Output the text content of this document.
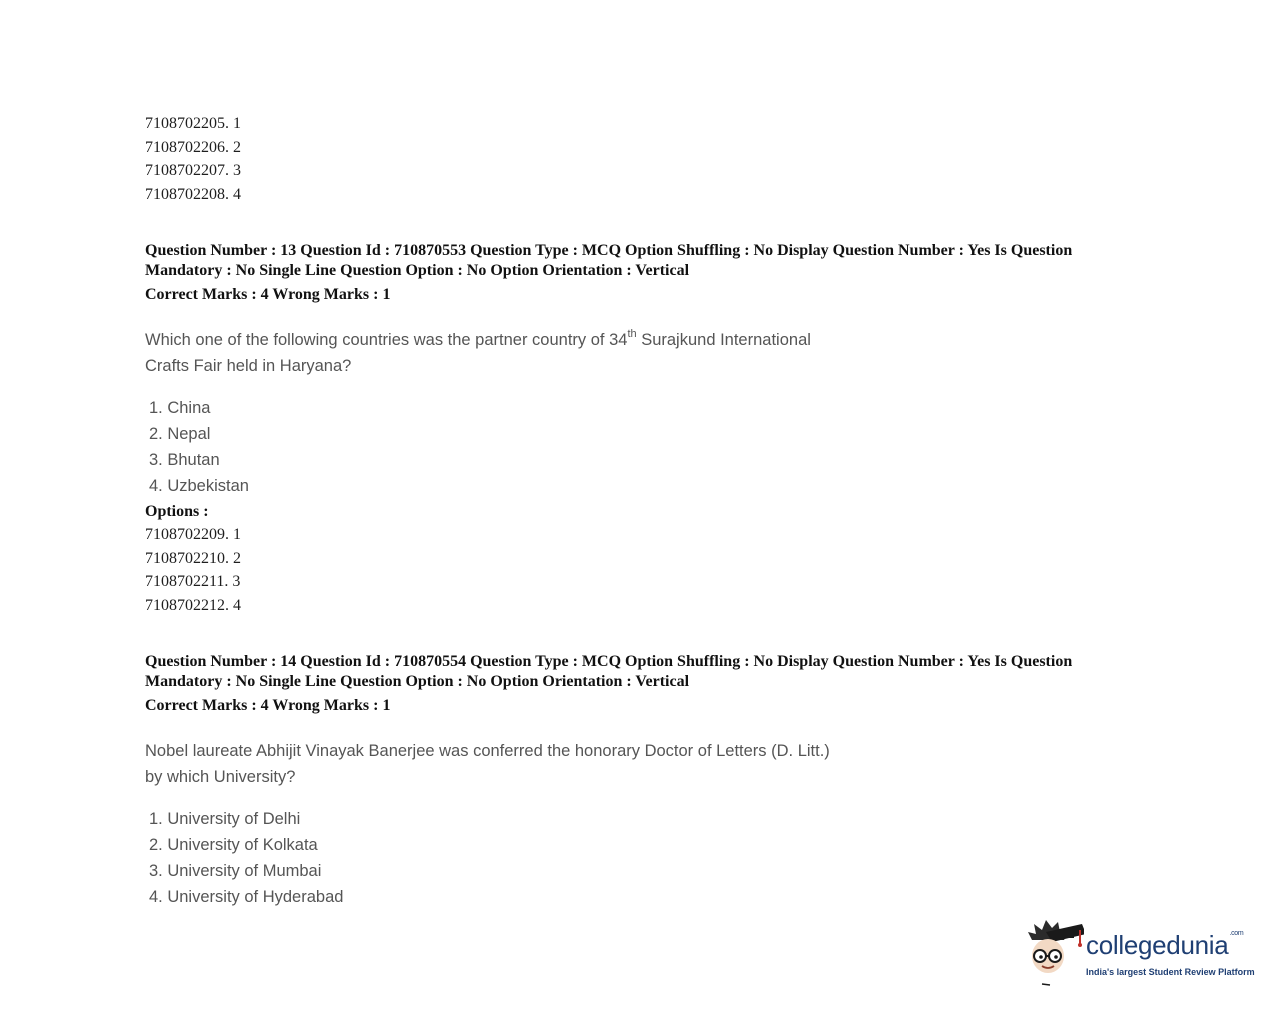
7108702205. 1
7108702206. 2
7108702207. 3
7108702208. 4
Question Number : 13 Question Id : 710870553 Question Type : MCQ Option Shuffling : No Display Question Number : Yes Is Question
Mandatory : No Single Line Question Option : No Option Orientation : Vertical
Correct Marks : 4 Wrong Marks : 1
Which one of the following countries was the partner country of 34th Surajkund International
Crafts Fair held in Haryana?
1. China
2. Nepal
3. Bhutan
4. Uzbekistan
Options :
7108702209. 1
7108702210. 2
7108702211. 3
7108702212. 4
Question Number : 14 Question Id : 710870554 Question Type : MCQ Option Shuffling : No Display Question Number : Yes Is Question
Mandatory : No Single Line Question Option : No Option Orientation : Vertical
Correct Marks : 4 Wrong Marks : 1
Nobel laureate Abhijit Vinayak Banerjee was conferred the honorary Doctor of Letters (D. Litt.)
by which University?
1. University of Delhi
2. University of Kolkata
3. University of Mumbai
4. University of Hyderabad
collegedunia$^{.com}$
India's largest Student Review Platform
